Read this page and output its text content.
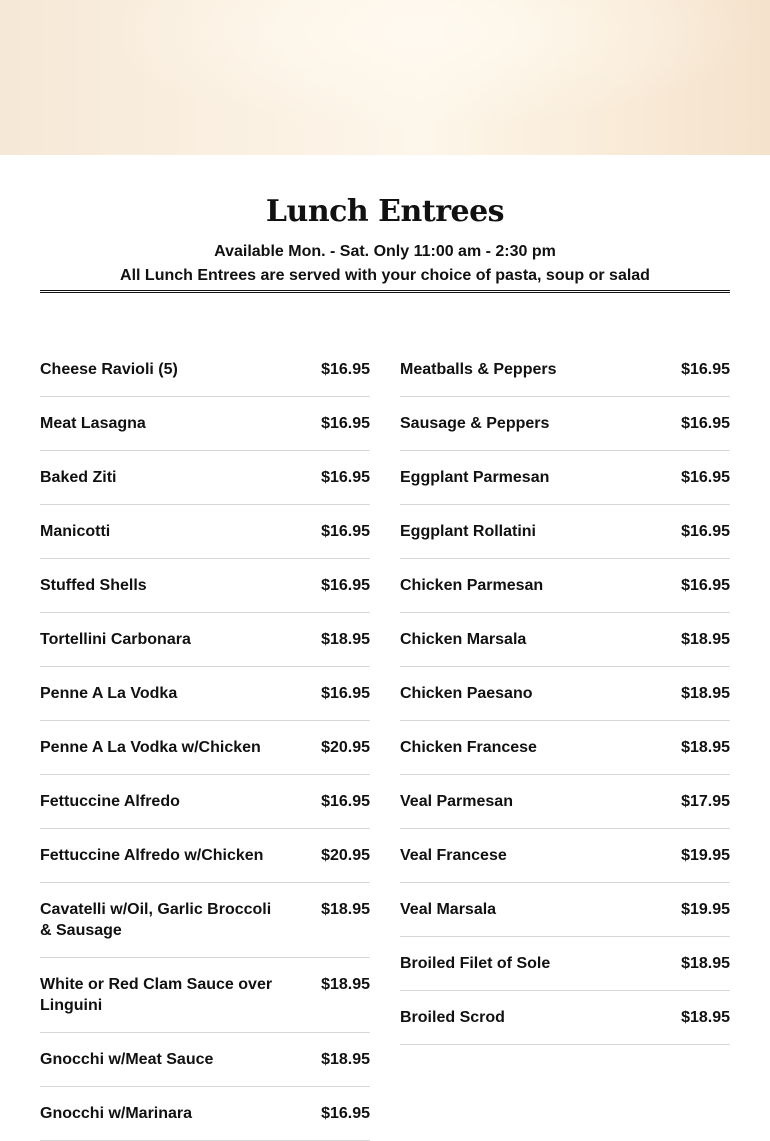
Lunch Entrees
Available Mon. - Sat. Only 11:00 am - 2:30 pm
All Lunch Entrees are served with your choice of pasta, soup or salad
Cheese Ravioli (5)	$16.95
Meat Lasagna	$16.95
Baked Ziti	$16.95
Manicotti	$16.95
Stuffed Shells	$16.95
Tortellini Carbonara	$18.95
Penne A La Vodka	$16.95
Penne A La Vodka w/Chicken	$20.95
Fettuccine Alfredo	$16.95
Fettuccine Alfredo w/Chicken	$20.95
Cavatelli w/Oil, Garlic Broccoli & Sausage
$18.95
White or Red Clam Sauce over Linguini
$18.95
Gnocchi w/Meat Sauce	$18.95
Gnocchi w/Marinara	$16.95
Meatballs & Peppers	$16.95
Sausage & Peppers	$16.95
Eggplant Parmesan	$16.95
Eggplant Rollatini	$16.95
Chicken Parmesan	$16.95
Chicken Marsala	$18.95
Chicken Paesano	$18.95
Chicken Francese	$18.95
Veal Parmesan	$17.95
Veal Francese	$19.95
Veal Marsala	$19.95
Broiled Filet of Sole	$18.95
Broiled Scrod	$18.95
